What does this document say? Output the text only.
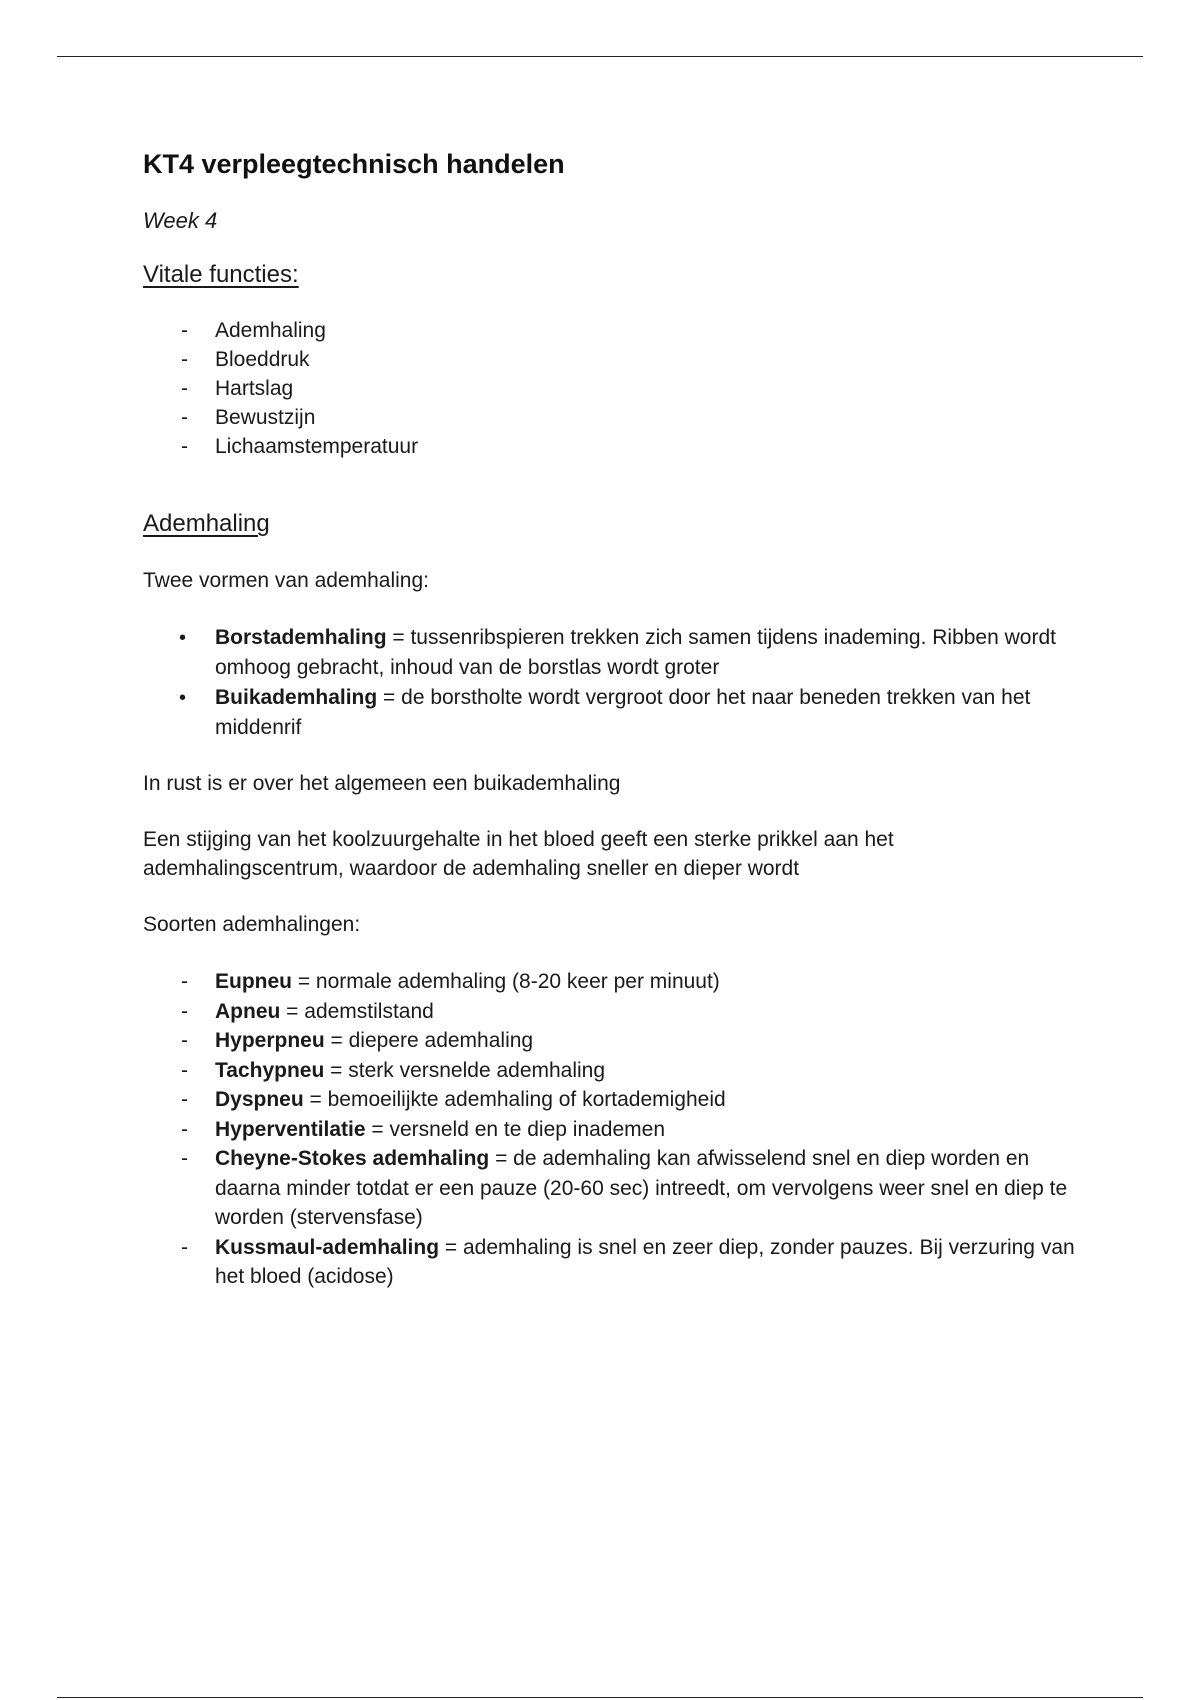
KT4 verpleegtechnisch handelen
Week 4
Vitale functies:
- Ademhaling
- Bloeddruk
- Hartslag
- Bewustzijn
- Lichaamstemperatuur
Ademhaling

Twee vormen van ademhaling:

• Borstademhaling = tussenribspieren trekken zich samen tijdens inademing. Ribben wordt omhoog gebracht, inhoud van de borstlas wordt groter
• Buikademhaling = de borstholte wordt vergroot door het naar beneden trekken van het middenrif

In rust is er over het algemeen een buikademhaling

Een stijging van het koolzuurgehalte in het bloed geeft een sterke prikkel aan het ademhalingscentrum, waardoor de ademhaling sneller en dieper wordt

Soorten ademhalingen:

- Eupneu = normale ademhaling (8-20 keer per minuut)
- Apneu = ademstilstand
- Hyperpneu = diepere ademhaling
- Tachypneu = sterk versnelde ademhaling
- Dyspneu = bemoeilijkte ademhaling of kortademigheid
- Hyperventilatie = versneld en te diep inademen
- Cheyne-Stokes ademhaling = de ademhaling kan afwisselend snel en diep worden en daarna minder totdat er een pauze (20-60 sec) intreedt, om vervolgens weer snel en diep te worden (stervensfase)
- Kussmaul-ademhaling = ademhaling is snel en zeer diep, zonder pauzes. Bij verzuring van het bloed (acidose)
